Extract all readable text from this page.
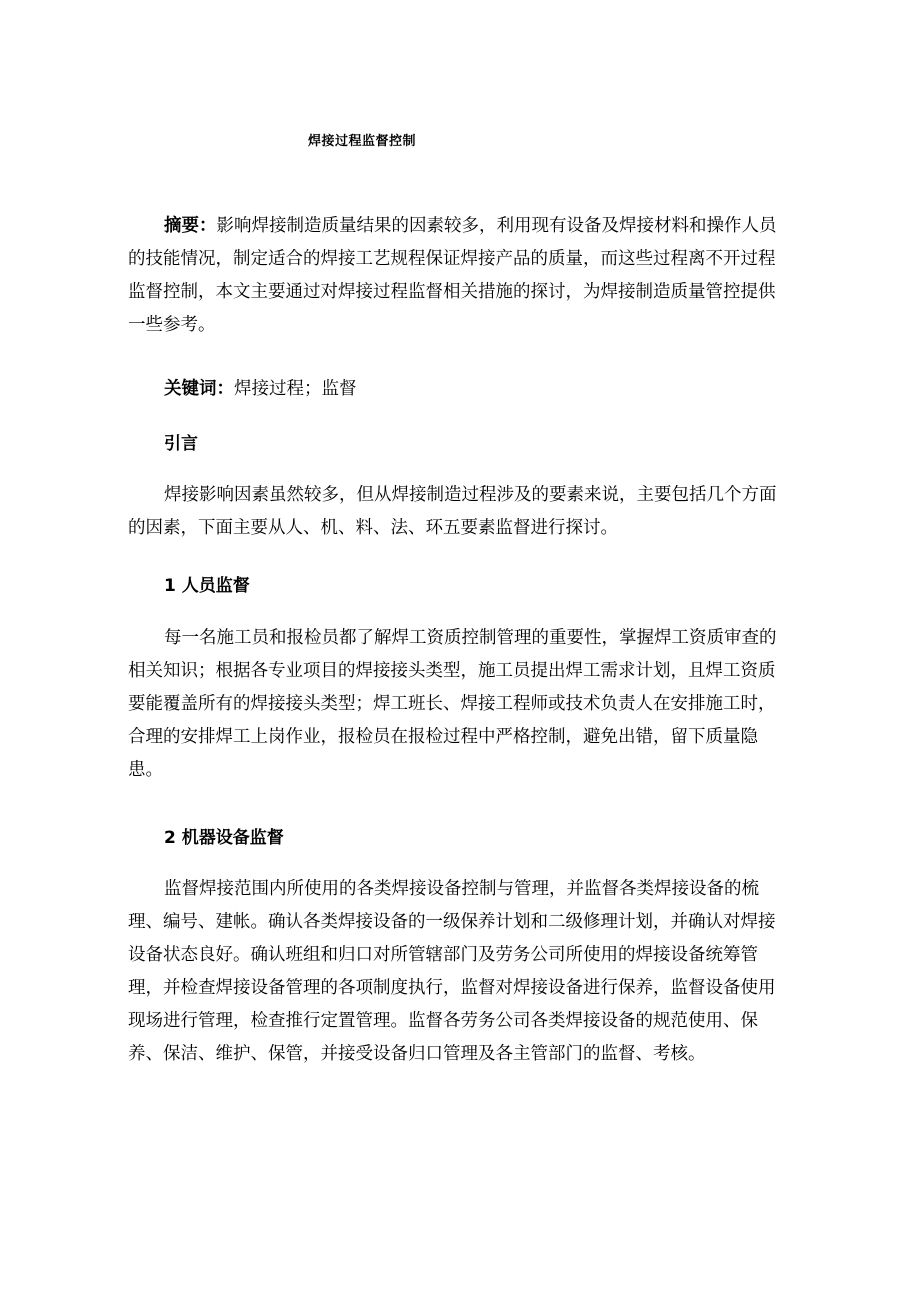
焊接过程监督控制

摘要：影响焊接制造质量结果的因素较多，利用现有设备及焊接材料和操作人员的技能情况，制定适合的焊接工艺规程保证焊接产品的质量，而这些过程离不开过程监督控制，本文主要通过对焊接过程监督相关措施的探讨，为焊接制造质量管控提供一些参考。

关键词：焊接过程；监督

引言

焊接影响因素虽然较多，但从焊接制造过程涉及的要素来说，主要包括几个方面的因素，下面主要从人、机、料、法、环五要素监督进行探讨。

1 人员监督

每一名施工员和报检员都了解焊工资质控制管理的重要性，掌握焊工资质审查的相关知识；根据各专业项目的焊接接头类型，施工员提出焊工需求计划，且焊工资质要能覆盖所有的焊接接头类型；焊工班长、焊接工程师或技术负责人在安排施工时，合理的安排焊工上岗作业，报检员在报检过程中严格控制，避免出错，留下质量隐患。

2 机器设备监督

监督焊接范围内所使用的各类焊接设备控制与管理，并监督各类焊接设备的梳理、编号、建帐。确认各类焊接设备的一级保养计划和二级修理计划，并确认对焊接设备状态良好。确认班组和归口对所管辖部门及劳务公司所使用的焊接设备统筹管理，并检查焊接设备管理的各项制度执行，监督对焊接设备进行保养，监督设备使用现场进行管理，检查推行定置管理。监督各劳务公司各类焊接设备的规范使用、保养、保洁、维护、保管，并接受设备归口管理及各主管部门的监督、考核。
